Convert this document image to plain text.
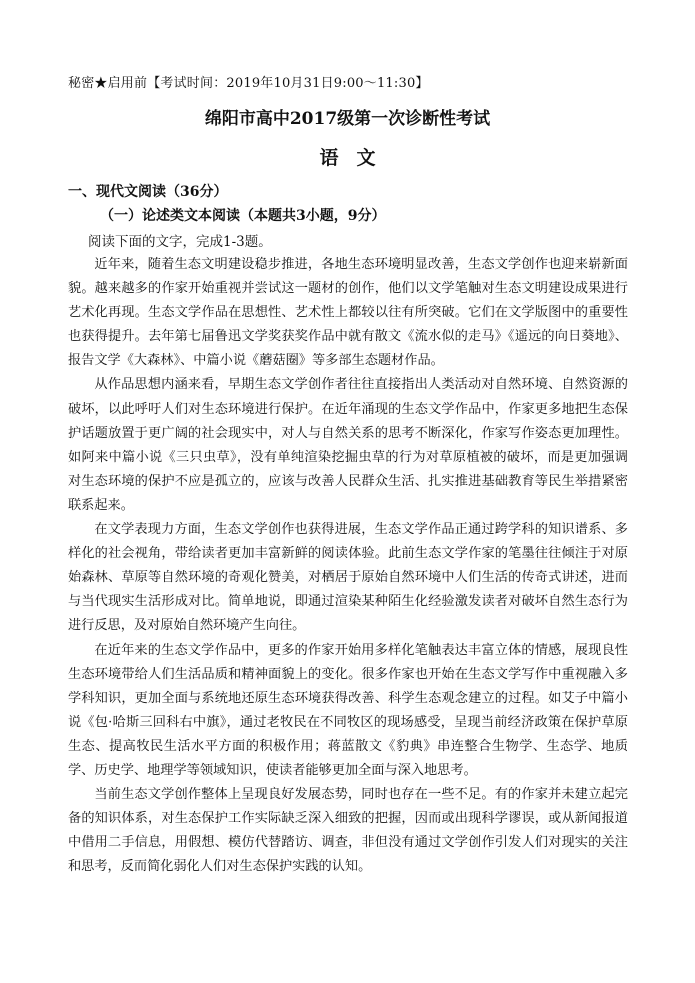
秘密★启用前【考试时间：2019年10月31日9:00～11:30】
绵阳市高中2017级第一次诊断性考试
语文
一、现代文阅读（36分）
（一）论述类文本阅读（本题共3小题，9分）
阅读下面的文字，完成1-3题。

近年来，随着生态文明建设稳步推进，各地生态环境明显改善，生态文学创作也迎来崭新面貌。越来越多的作家开始重视并尝试这一题材的创作，他们以文学笔触对生态文明建设成果进行艺术化再现。生态文学作品在思想性、艺术性上都较以往有所突破。它们在文学版图中的重要性也获得提升。去年第七届鲁迅文学奖获奖作品中就有散文《流水似的走马》《遥远的向日葵地》、报告文学《大森林》、中篇小说《蘑菇圈》等多部生态题材作品。

从作品思想内涵来看，早期生态文学创作者往往直接指出人类活动对自然环境、自然资源的破坏，以此呼吁人们对生态环境进行保护。在近年涌现的生态文学作品中，作家更多地把生态保护话题放置于更广阔的社会现实中，对人与自然关系的思考不断深化，作家写作姿态更加理性。如阿来中篇小说《三只虫草》，没有单纯渲染挖掘虫草的行为对草原植被的破坏，而是更加强调对生态环境的保护不应是孤立的，应该与改善人民群众生活、扎实推进基础教育等民生举措紧密联系起来。

在文学表现力方面，生态文学创作也获得进展，生态文学作品正通过跨学科的知识谱系、多样化的社会视角，带给读者更加丰富新鲜的阅读体验。此前生态文学作家的笔墨往往倾注于对原始森林、草原等自然环境的奇观化赞美，对栖居于原始自然环境中人们生活的传奇式讲述，进而与当代现实生活形成对比。简单地说，即通过渲染某种陌生化经验激发读者对破坏自然生态行为进行反思，及对原始自然环境产生向往。

在近年来的生态文学作品中，更多的作家开始用多样化笔触表达丰富立体的情感，展现良性生态环境带给人们生活品质和精神面貌上的变化。很多作家也开始在生态文学写作中重视融入多学科知识，更加全面与系统地还原生态环境获得改善、科学生态观念建立的过程。如艾子中篇小说《包·哈斯三回科右中旗》，通过老牧民在不同牧区的现场感受，呈现当前经济政策在保护草原生态、提高牧民生活水平方面的积极作用；蒋蓝散文《豹典》串连整合生物学、生态学、地质学、历史学、地理学等领域知识，使读者能够更加全面与深入地思考。

当前生态文学创作整体上呈现良好发展态势，同时也存在一些不足。有的作家并未建立起完备的知识体系，对生态保护工作实际缺乏深入细致的把握，因而或出现科学谬误，或从新闻报道中借用二手信息，用假想、模仿代替踏访、调查，非但没有通过文学创作引发人们对现实的关注和思考，反而简化弱化人们对生态保护实践的认知。
